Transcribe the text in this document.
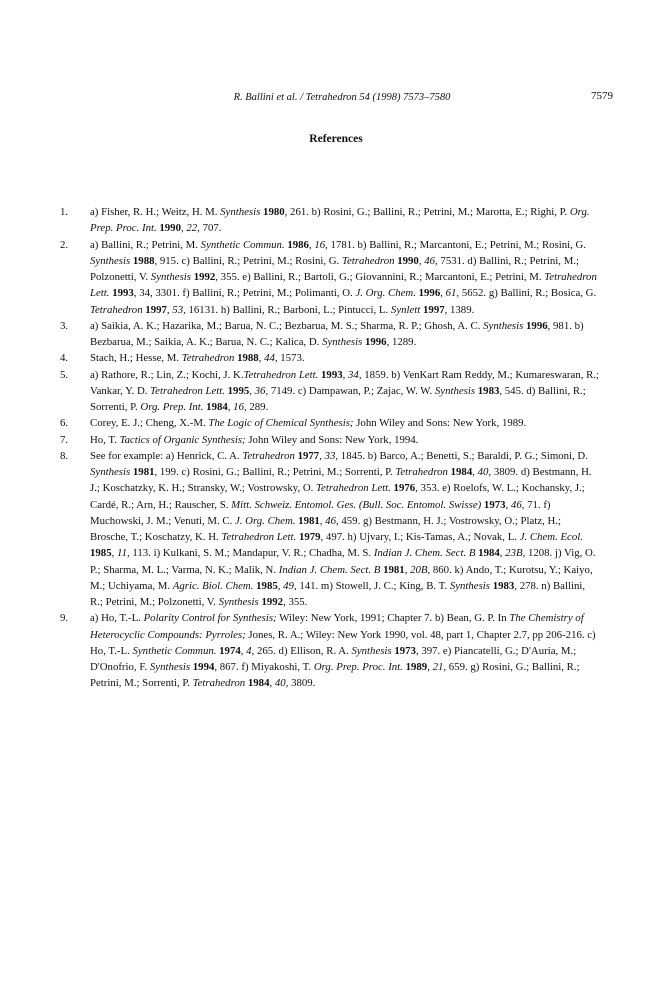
R. Ballini et al. / Tetrahedron 54 (1998) 7573–7580	7579
References
1.	a) Fisher, R. H.; Weitz, H. M. Synthesis 1980, 261. b) Rosini, G.; Ballini, R.; Petrini, M.; Marotta, E.; Righi, P. Org. Prep. Proc. Int. 1990, 22, 707.
2.	a) Ballini, R.; Petrini, M. Synthetic Commun. 1986, 16, 1781. b) Ballini, R.; Marcantoni, E.; Petrini, M.; Rosini, G. Synthesis 1988, 915. c) Ballini, R.; Petrini, M.; Rosini, G. Tetrahedron 1990, 46, 7531. d) Ballini, R.; Petrini, M.; Polzonetti, V. Synthesis 1992, 355. e) Ballini, R.; Bartoli, G.; Giovannini, R.; Marcantoni, E.; Petrini, M. Tetrahedron Lett. 1993, 34, 3301. f) Ballini, R.; Petrini, M.; Polimanti, O. J. Org. Chem. 1996, 61, 5652. g) Ballini, R.; Bosica, G. Tetrahedron 1997, 53, 16131. h) Ballini, R.; Barboni, L.; Pintucci, L. Synlett 1997, 1389.
3.	a) Saikia, A. K.; Hazarika, M.; Barua, N. C.; Bezbarua, M. S.; Sharma, R. P.; Ghosh, A. C. Synthesis 1996, 981. b) Bezbarua, M.; Saikia, A. K.; Barua, N. C.; Kalica, D. Synthesis 1996, 1289.
4.	Stach, H.; Hesse, M. Tetrahedron 1988, 44, 1573.
5.	a) Rathore, R.; Lin, Z.; Kochi, J. K.Tetrahedron Lett. 1993, 34, 1859. b) VenKart Ram Reddy, M.; Kumareswaran, R.; Vankar, Y. D. Tetrahedron Lett. 1995, 36, 7149. c) Dampawan, P.; Zajac, W. W. Synthesis 1983, 545. d) Ballini, R.; Sorrenti, P. Org. Prep. Int. 1984, 16, 289.
6.	Corey, E. J.; Cheng, X.-M. The Logic of Chemical Synthesis; John Wiley and Sons: New York, 1989.
7.	Ho, T. Tactics of Organic Synthesis; John Wiley and Sons: New York, 1994.
8.	See for example: a) Henrick, C. A. Tetrahedron 1977, 33, 1845. b) Barco, A.; Benetti, S.; Baraldi, P. G.; Simoni, D. Synthesis 1981, 199. c) Rosini, G.; Ballini, R.; Petrini, M.; Sorrenti, P. Tetrahedron 1984, 40, 3809. d) Bestmann, H. J.; Koschatzky, K. H.; Stransky, W.; Vostrowsky, O. Tetrahedron Lett. 1976, 353. e) Roelofs, W. L.; Kochansky, J.; Cardé, R.; Arn, H.; Rauscher, S. Mitt. Schweiz. Entomol. Ges. (Bull. Soc. Entomol. Swisse) 1973, 46, 71. f) Muchowski, J. M.; Venuti, M. C. J. Org. Chem. 1981, 46, 459. g) Bestmann, H. J.; Vostrowsky, O.; Platz, H.; Brosche, T.; Koschatzy, K. H. Tetrahedron Lett. 1979, 497. h) Ujvary, I.; Kis-Tamas, A.; Novak, L. J. Chem. Ecol. 1985, 11, 113. i) Kulkani, S. M.; Mandapur, V. R.; Chadha, M. S. Indian J. Chem. Sect. B 1984, 23B, 1208. j) Vig, O. P.; Sharma, M. L.; Varma, N. K.; Malik, N. Indian J. Chem. Sect. B 1981, 20B, 860. k) Ando, T.; Kurotsu, Y.; Kaiyo, M.; Uchiyama, M. Agric. Biol. Chem. 1985, 49, 141. m) Stowell, J. C.; King, B. T. Synthesis 1983, 278. n) Ballini, R.; Petrini, M.; Polzonetti, V. Synthesis 1992, 355.
9.	a) Ho, T.-L. Polarity Control for Synthesis; Wiley: New York, 1991; Chapter 7. b) Bean, G. P. In The Chemistry of Heterocyclic Compounds: Pyrroles; Jones, R. A.; Wiley: New York 1990, vol. 48, part 1, Chapter 2.7, pp 206-216. c) Ho, T.-L. Synthetic Commun. 1974, 4, 265. d) Ellison, R. A. Synthesis 1973, 397. e) Piancatelli, G.; D'Auria, M.; D'Onofrio, F. Synthesis 1994, 867. f) Miyakoshi, T. Org. Prep. Proc. Int. 1989, 21, 659. g) Rosini, G.; Ballini, R.; Petrini, M.; Sorrenti, P. Tetrahedron 1984, 40, 3809.
